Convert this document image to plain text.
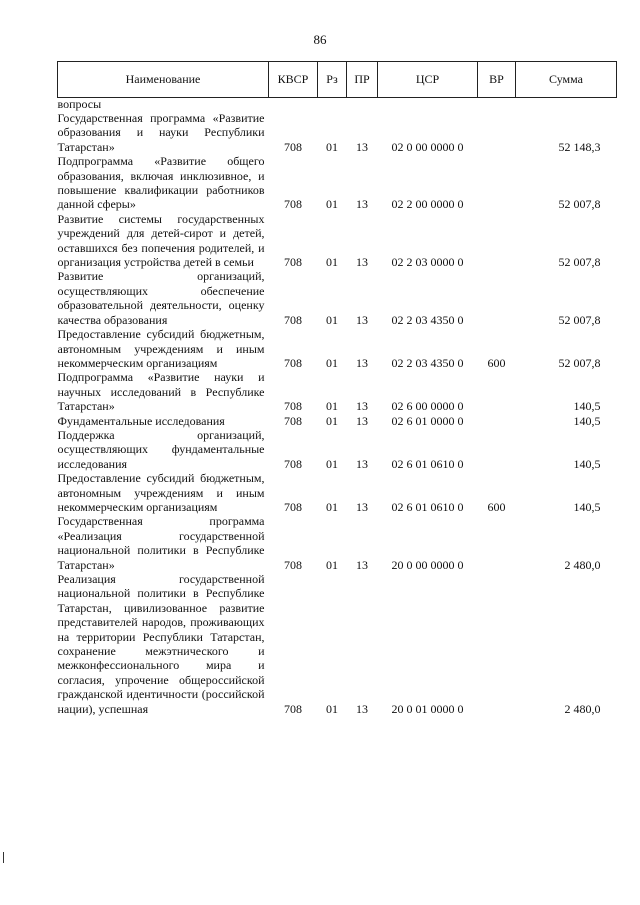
86
Наименование	КВСР	Рз	ПР	ЦСР	ВР	Сумма
вопросы						
Государственная программа «Развитие образования и науки Республики Татарстан»	708	01	13	02 0 00 0000 0		52 148,3
Подпрограмма «Развитие общего образования, включая инклюзивное, и повышение квалификации работников данной сферы»	708	01	13	02 2 00 0000 0		52 007,8
Развитие системы государственных учреждений для детей-сирот и детей, оставшихся без попечения родителей, и организация устройства детей в семьи	708	01	13	02 2 03 0000 0		52 007,8
Развитие организаций, осуществляющих обеспечение образовательной деятельности, оценку качества образования	708	01	13	02 2 03 4350 0		52 007,8
Предоставление субсидий бюджетным, автономным учреждениям и иным некоммерческим организациям	708	01	13	02 2 03 4350 0	600	52 007,8
Подпрограмма «Развитие науки и научных исследований в Республике Татарстан»	708	01	13	02 6 00 0000 0		140,5
Фундаментальные исследования	708	01	13	02 6 01 0000 0		140,5
Поддержка организаций, осуществляющих фундаментальные исследования	708	01	13	02 6 01 0610 0		140,5
Предоставление субсидий бюджетным, автономным учреждениям и иным некоммерческим организациям	708	01	13	02 6 01 0610 0	600	140,5
Государственная программа «Реализация государственной национальной политики в Республике Татарстан»	708	01	13	20 0 00 0000 0		2 480,0
Реализация государственной национальной политики в Республике Татарстан, цивилизованное развитие представителей народов, проживающих на территории Республики Татарстан, сохранение межэтнического и межконфессионального мира и согласия, упрочение общероссийской гражданской идентичности (российской нации), успешная	708	01	13	20 0 01 0000 0		2 480,0
